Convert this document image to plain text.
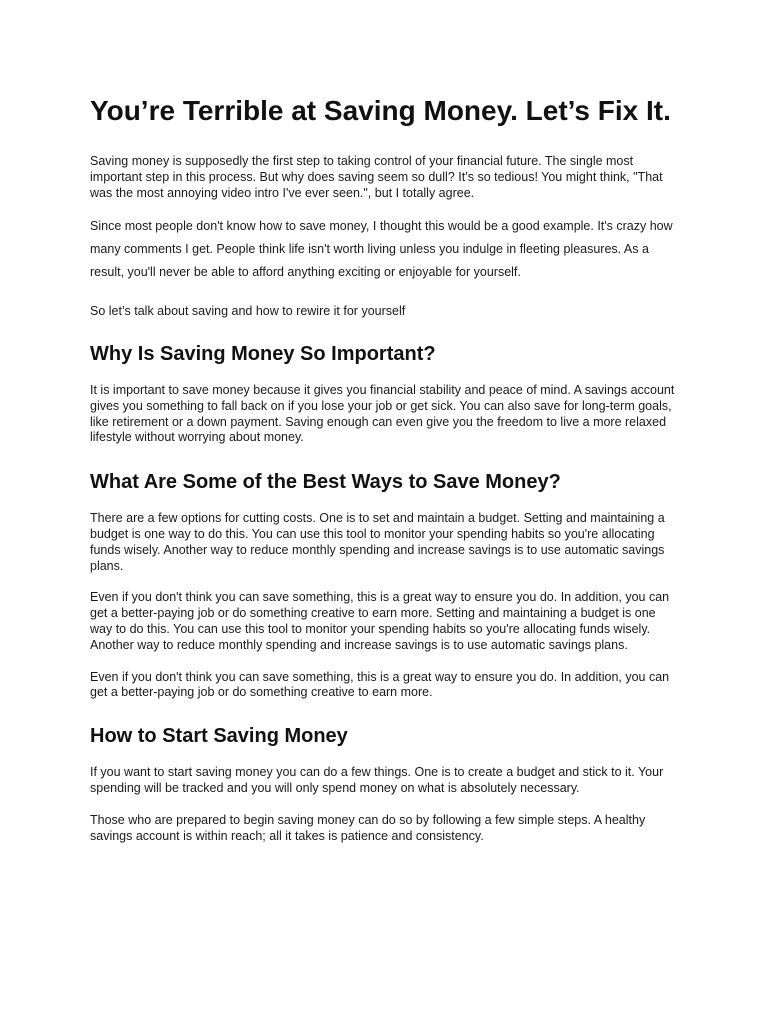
You’re Terrible at Saving Money. Let’s Fix It.

Saving money is supposedly the first step to taking control of your financial future. The single most important step in this process. But why does saving seem so dull? It’s so tedious! You might think, "That was the most annoying video intro I've ever seen.", but I totally agree.

Since most people don't know how to save money, I thought this would be a good example. It's crazy how many comments I get. People think life isn't worth living unless you indulge in fleeting pleasures. As a result, you'll never be able to afford anything exciting or enjoyable for yourself.

So let’s talk about saving and how to rewire it for yourself

Why Is Saving Money So Important?

It is important to save money because it gives you financial stability and peace of mind. A savings account gives you something to fall back on if you lose your job or get sick. You can also save for long-term goals, like retirement or a down payment. Saving enough can even give you the freedom to live a more relaxed lifestyle without worrying about money.

What Are Some of the Best Ways to Save Money?

There are a few options for cutting costs. One is to set and maintain a budget. Setting and maintaining a budget is one way to do this. You can use this tool to monitor your spending habits so you're allocating funds wisely. Another way to reduce monthly spending and increase savings is to use automatic savings plans.

Even if you don't think you can save something, this is a great way to ensure you do. In addition, you can get a better-paying job or do something creative to earn more. Setting and maintaining a budget is one way to do this. You can use this tool to monitor your spending habits so you're allocating funds wisely. Another way to reduce monthly spending and increase savings is to use automatic savings plans.

Even if you don't think you can save something, this is a great way to ensure you do. In addition, you can get a better-paying job or do something creative to earn more.

How to Start Saving Money

If you want to start saving money you can do a few things. One is to create a budget and stick to it. Your spending will be tracked and you will only spend money on what is absolutely necessary.

Those who are prepared to begin saving money can do so by following a few simple steps. A healthy savings account is within reach; all it takes is patience and consistency.
